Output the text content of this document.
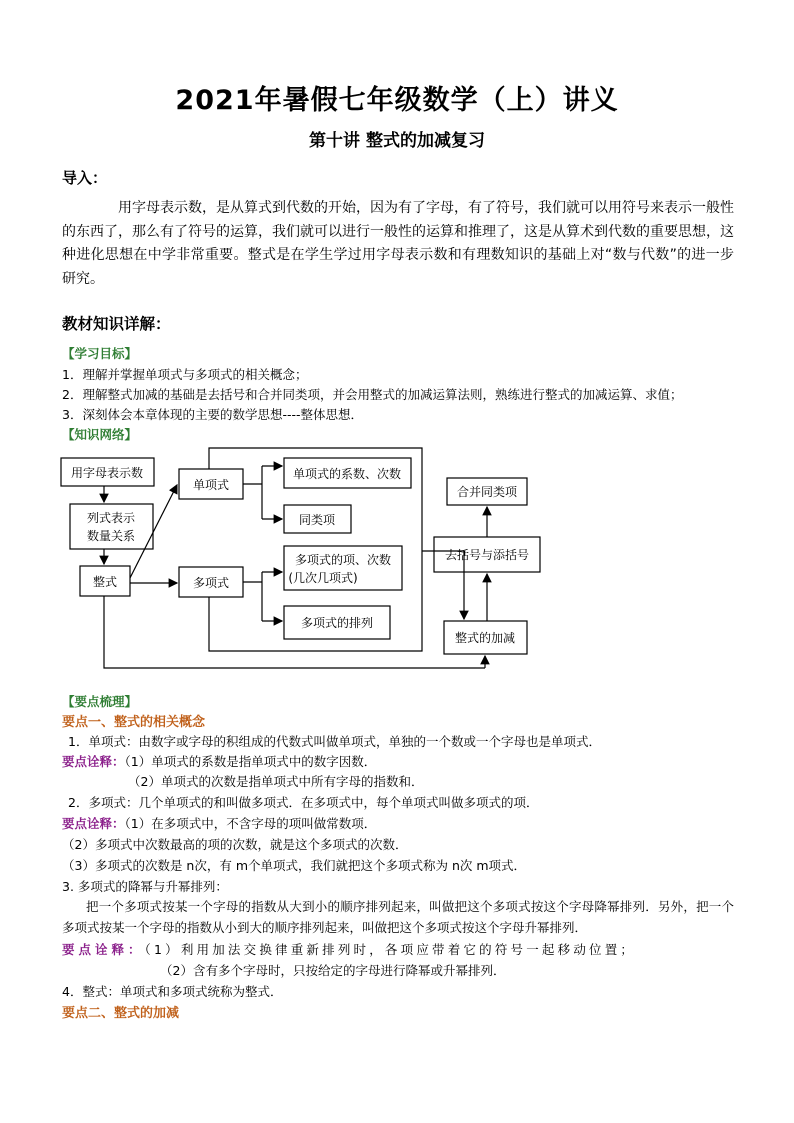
2021年暑假七年级数学（上）讲义
第十讲 整式的加减复习
导入：
用字母表示数，是从算式到代数的开始，因为有了字母，有了符号，我们就可以用符号来表示一般性的东西了，那么有了符号的运算，我们就可以进行一般性的运算和推理了，这是从算术到代数的重要思想，这种进化思想在中学非常重要。整式是在学生学过用字母表示数和有理数知识的基础上对“数与代数”的进一步研究。
教材知识详解：
【学习目标】
1．理解并掌握单项式与多项式的相关概念；
2．理解整式加减的基础是去括号和合并同类项，并会用整式的加减运算法则，熟练进行整式的加减运算、求值；
3．深刻体会本章体现的主要的数学思想----整体思想．
【知识网络】
用字母表示数
列式表示
数量关系
整式
单项式
多项式
单项式的系数、次数
同类项
多项式的项、次数
(几次几项式)
多项式的排列
合并同类项
去括号与添括号
整式的加减
【要点梳理】
要点一、整式的相关概念
1．单项式：由数字或字母的积组成的代数式叫做单项式，单独的一个数或一个字母也是单项式．
要点诠释：（1）单项式的系数是指单项式中的数字因数．
（2）单项式的次数是指单项式中所有字母的指数和．
2．多项式：几个单项式的和叫做多项式．在多项式中，每个单项式叫做多项式的项．
要点诠释：（1）在多项式中，不含字母的项叫做常数项．
（2）多项式中次数最高的项的次数，就是这个多项式的次数．
（3）多项式的次数是 n次，有 m个单项式，我们就把这个多项式称为 n次 m项式．
3. 多项式的降幂与升幂排列：
把一个多项式按某一个字母的指数从大到小的顺序排列起来，叫做把这个多项式按这个字母降幂排列．另外，把一个多项式按某一个字母的指数从小到大的顺序排列起来，叫做把这个多项式按这个字母升幂排列．
要点诠释：（1）利用加法交换律重新排列时，各项应带着它的符号一起移动位置；
（2）含有多个字母时，只按给定的字母进行降幂或升幂排列．
4．整式：单项式和多项式统称为整式．
要点二、整式的加减
